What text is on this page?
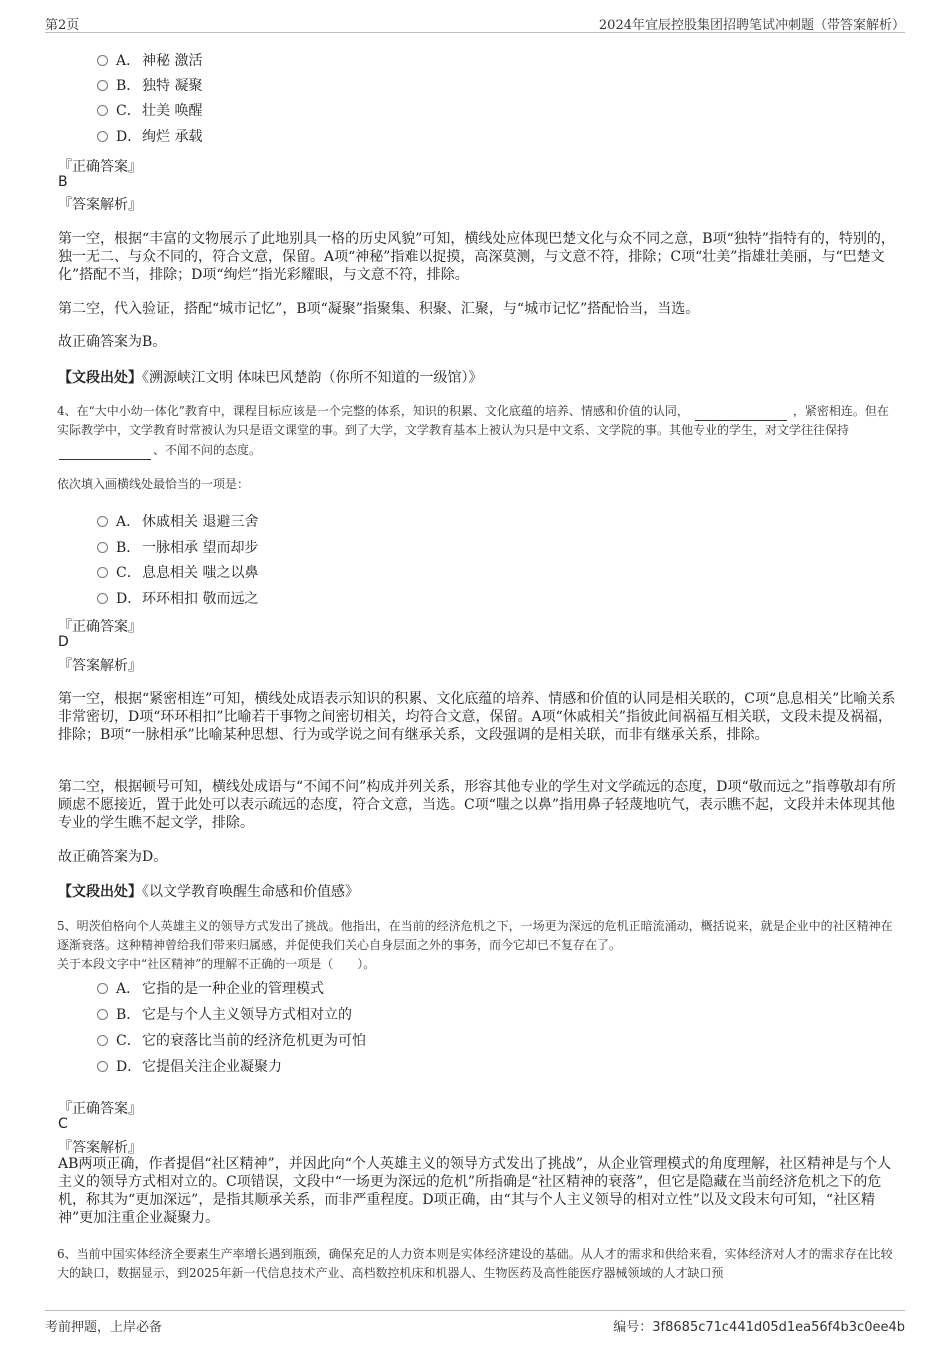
第2页	2024年宜辰控股集团招聘笔试冲刺题（带答案解析）
A． 神秘 激活
B． 独特 凝聚
C．壮美 唤醒
D．绚烂 承载
『正确答案』
B
『答案解析』
第一空，根据“丰富的文物展示了此地别具一格的历史风貌”可知，横线处应体现巴楚文化与众不同之意，B项“独特”指特有的，特别的，独一无二、与众不同的，符合文意，保留。A项“神秘”指难以捉摸，高深莫测，与文意不符，排除；C项“壮美”指雄壮美丽，与“巴楚文化”搭配不当，排除；D项“绚烂”指光彩耀眼，与文意不符，排除。
第二空，代入验证，搭配“城市记忆”，B项“凝聚”指聚集、积聚、汇聚，与“城市记忆”搭配恰当，当选。
故正确答案为B。
【文段出处】《溯源峡江文明 体味巴风楚韵（你所不知道的一级馆）》
4、在“大中小幼一体化”教育中，课程目标应该是一个完整的体系，知识的积累、文化底蕴的培养、情感和价值的认同，	，紧密相连。但在实际教学中，文学教育时常被认为只是语文课堂的事。到了大学，文学教育基本上被认为只是中文系、文学院的事。其他专业的学生，对文学往往保持 、不闻不问的态度。
依次填入画横线处最恰当的一项是：
A． 休戚相关 退避三舍
B． 一脉相承 望而却步
C．息息相关 嗤之以鼻
D．环环相扣 敬而远之
『正确答案』
D
『答案解析』
第一空，根据“紧密相连”可知，横线处成语表示知识的积累、文化底蕴的培养、情感和价值的认同是相关联的，C项“息息相关”比喻关系非常密切，D项“环环相扣”比喻若干事物之间密切相关，均符合文意，保留。A项“休戚相关”指彼此间祸福互相关联，文段未提及祸福，排除；B项“一脉相承”比喻某种思想、行为或学说之间有继承关系，文段强调的是相关联，而非有继承关系，排除。
第二空，根据顿号可知，横线处成语与“不闻不问”构成并列关系，形容其他专业的学生对文学疏远的态度，D项“敬而远之”指尊敬却有所顾虑不愿接近，置于此处可以表示疏远的态度，符合文意，当选。C项“嗤之以鼻”指用鼻子轻蔑地吭气，表示瞧不起，文段并未体现其他专业的学生瞧不起文学，排除。
故正确答案为D。
【文段出处】《以文学教育唤醒生命感和价值感》
5、明茨伯格向个人英雄主义的领导方式发出了挑战。他指出，在当前的经济危机之下，一场更为深远的危机正暗流涌动，概括说来，就是企业中的社区精神在逐渐衰落。这种精神曾给我们带来归属感，并促使我们关心自身层面之外的事务，而今它却已不复存在了。
关于本段文字中“社区精神”的理解不正确的一项是（　　）。
A． 它指的是一种企业的管理模式
B． 它是与个人主义领导方式相对立的
C．它的衰落比当前的经济危机更为可怕
D．它提倡关注企业凝聚力
『正确答案』
C
『答案解析』
AB两项正确，作者提倡“社区精神”，并因此向“个人英雄主义的领导方式发出了挑战”，从企业管理模式的角度理解，社区精神是与个人主义的领导方式相对立的。C项错误，文段中“一场更为深远的危机”所指确是“社区精神的衰落”，但它是隐藏在当前经济危机之下的危机，称其为“更加深远”，是指其顺承关系，而非严重程度。D项正确，由“其与个人主义领导的相对立性”以及文段末句可知，“社区精神”更加注重企业凝聚力。
6、当前中国实体经济全要素生产率增长遇到瓶颈，确保充足的人力资本则是实体经济建设的基础。从人才的需求和供给来看，实体经济对人才的需求存在比较大的缺口，数据显示，到2025年新一代信息技术产业、高档数控机床和机器人、生物医药及高性能医疗器械领域的人才缺口预
考前押题，上岸必备	编号：3f8685c71c441d05d1ea56f4b3c0ee4b
